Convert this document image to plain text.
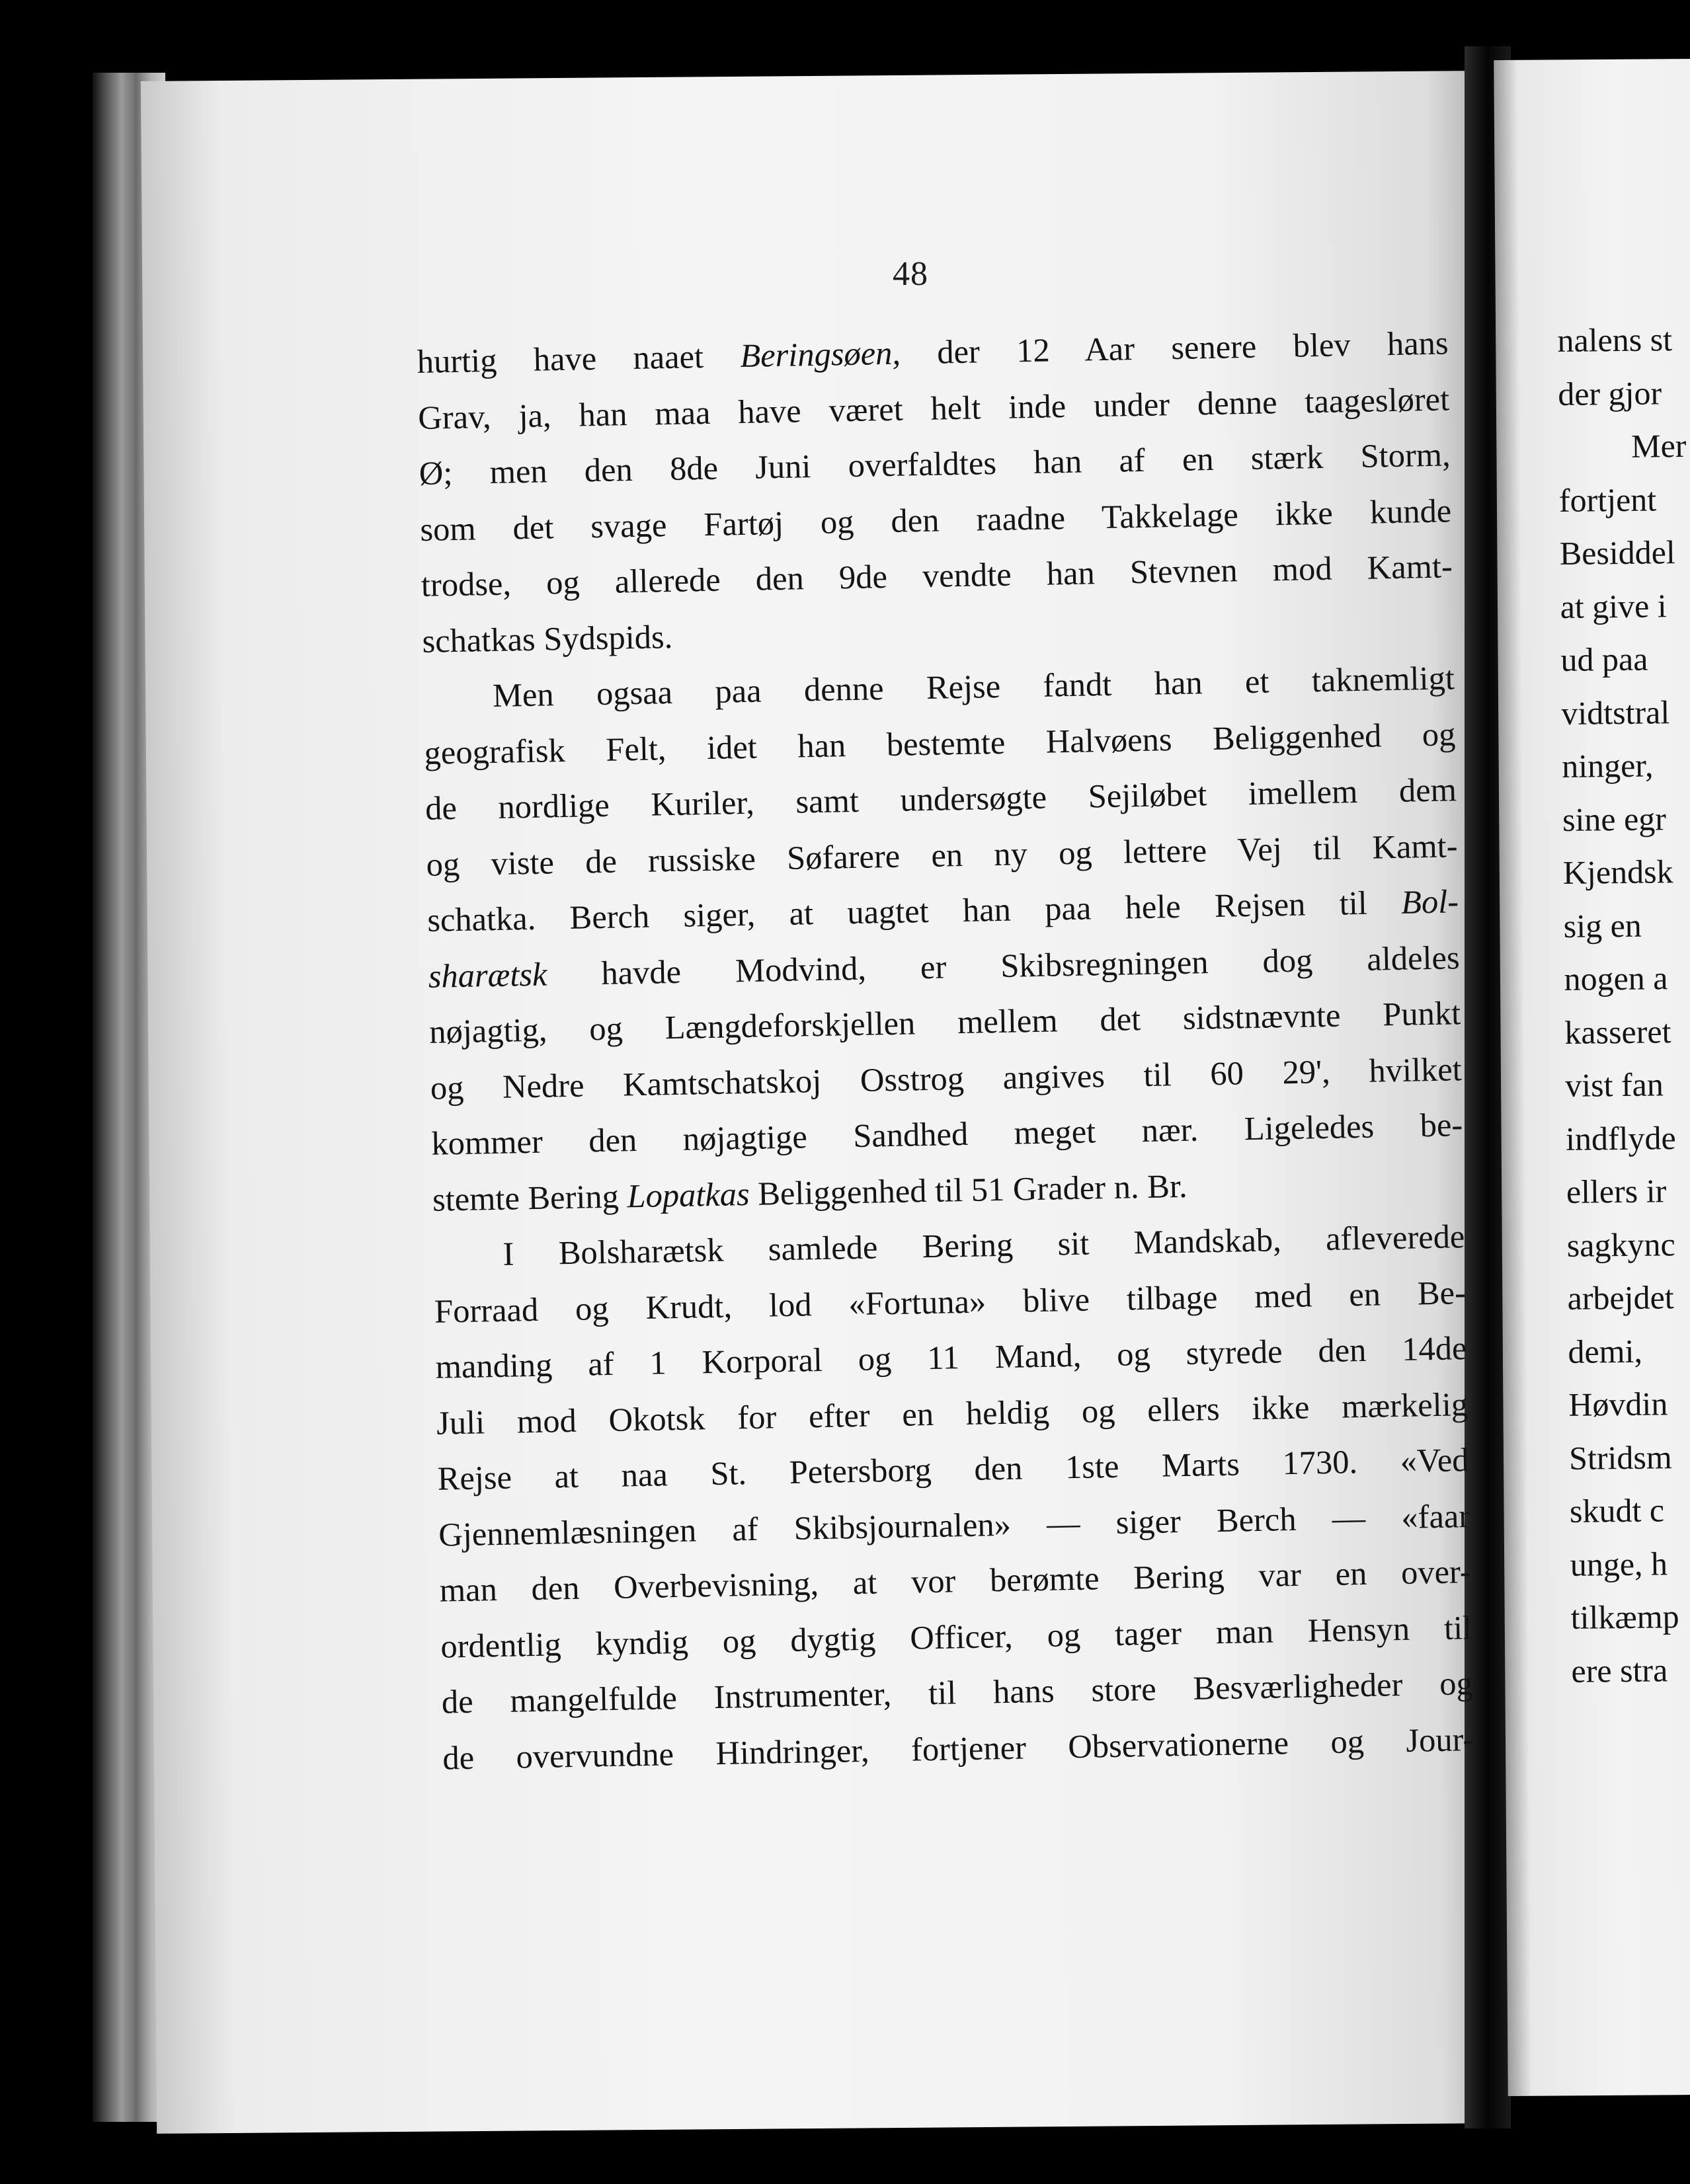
48
hurtig have naaet Beringsøen, der 12 Aar senere blev hans
Grav, ja, han maa have været helt inde under denne taagesløret
Ø; men den 8de Juni overfaldtes han af en stærk Storm,
som det svage Fartøj og den raadne Takkelage ikke kunde
trodse, og allerede den 9de vendte han Stevnen mod Kamt-
schatkas Sydspids.
Men ogsaa paa denne Rejse fandt han et taknemligt
geografisk Felt, idet han bestemte Halvøens Beliggenhed og
de nordlige Kuriler, samt undersøgte Sejiløbet imellem dem
og viste de russiske Søfarere en ny og lettere Vej til Kamt-
schatka. Berch siger, at uagtet han paa hele Rejsen til Bol-
sharætsk havde Modvind, er Skibsregningen dog aldeles
nøjagtig, og Længdeforskjellen mellem det sidstnævnte Punkt
og Nedre Kamtschatskoj Osstrog angives til 60 29', hvilket
kommer den nøjagtige Sandhed meget nær. Ligeledes be-
stemte Bering Lopatkas Beliggenhed til 51 Grader n. Br.
I Bolsharætsk samlede Bering sit Mandskab, afleverede
Forraad og Krudt, lod «Fortuna» blive tilbage med en Be-
manding af 1 Korporal og 11 Mand, og styrede den 14de
Juli mod Okotsk for efter en heldig og ellers ikke mærkelig
Rejse at naa St. Petersborg den 1ste Marts 1730. «Ved
Gjennemlæsningen af Skibsjournalen» — siger Berch — «faar
man den Overbevisning, at vor berømte Bering var en over-
ordentlig kyndig og dygtig Officer, og tager man Hensyn til
de mangelfulde Instrumenter, til hans store Besværligheder og
de overvundne Hindringer, fortjener Observationerne og Jour-
nalens st
der gjor
Mer
fortjent
Besiddel
at give i
ud paa
vidtstral
ninger,
sine egr
Kjendsk
sig en
nogen a
kasseret
vist fan
indflyde
ellers ir
sagkync
arbejdet
demi,
Høvdin
Stridsm
skudt c
unge, h
tilkæmp
ere stra
